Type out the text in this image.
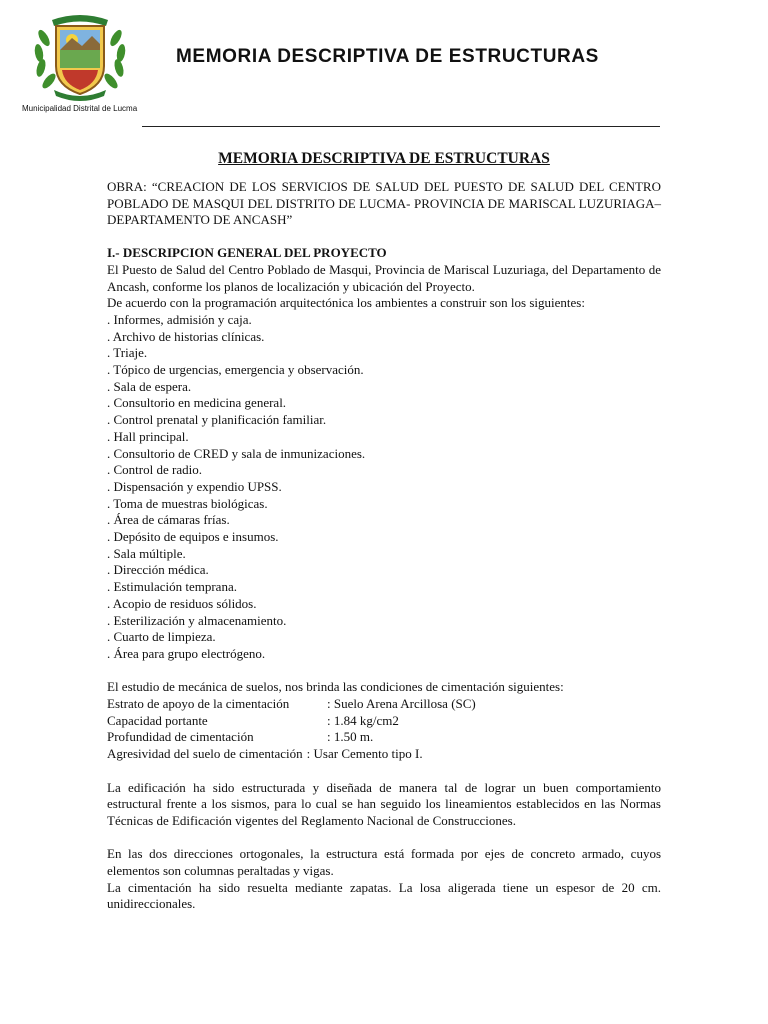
Municipalidad Distrital de Lucma
MEMORIA DESCRIPTIVA DE ESTRUCTURAS
MEMORIA DESCRIPTIVA DE ESTRUCTURAS

OBRA: “CREACION DE LOS SERVICIOS DE SALUD DEL PUESTO DE SALUD DEL CENTRO POBLADO DE MASQUI DEL DISTRITO DE LUCMA- PROVINCIA DE MARISCAL LUZURIAGA– DEPARTAMENTO DE ANCASH”

I.- DESCRIPCION GENERAL DEL PROYECTO

El Puesto de Salud del Centro Poblado de Masqui, Provincia de Mariscal Luzuriaga, del Departamento de Ancash, conforme los planos de localización y ubicación del Proyecto.

De acuerdo con la programación arquitectónica los ambientes a construir son los siguientes:

. Informes, admisión y caja.
. Archivo de historias clínicas.
. Triaje.
. Tópico de urgencias, emergencia y observación.
. Sala de espera.
. Consultorio en medicina general.
. Control prenatal y planificación familiar.
. Hall principal.
. Consultorio de CRED y sala de inmunizaciones.
. Control de radio.
. Dispensación y expendio UPSS.
. Toma de muestras biológicas.
. Área de cámaras frías.
. Depósito de equipos e insumos.
. Sala múltiple.
. Dirección médica.
. Estimulación temprana.
. Acopio de residuos sólidos.
. Esterilización y almacenamiento.
. Cuarto de limpieza.
. Área para grupo electrógeno.

El estudio de mecánica de suelos, nos brinda las condiciones de cimentación siguientes:

Estrato de apoyo de la cimentación	: Suelo Arena Arcillosa (SC)
Capacidad portante	: 1.84 kg/cm2
Profundidad de cimentación	: 1.50 m.
Agresividad del suelo de cimentación : Usar Cemento tipo I.

La edificación ha sido estructurada y diseñada de manera tal de lograr un buen comportamiento estructural frente a los sismos, para lo cual se han seguido los lineamientos establecidos en las Normas Técnicas de Edificación vigentes del Reglamento Nacional de Construcciones.

En las dos direcciones ortogonales, la estructura está formada por ejes de concreto armado, cuyos elementos son columnas peraltadas y vigas.

La cimentación ha sido resuelta mediante zapatas. La losa aligerada tiene un espesor de 20 cm. unidireccionales.
